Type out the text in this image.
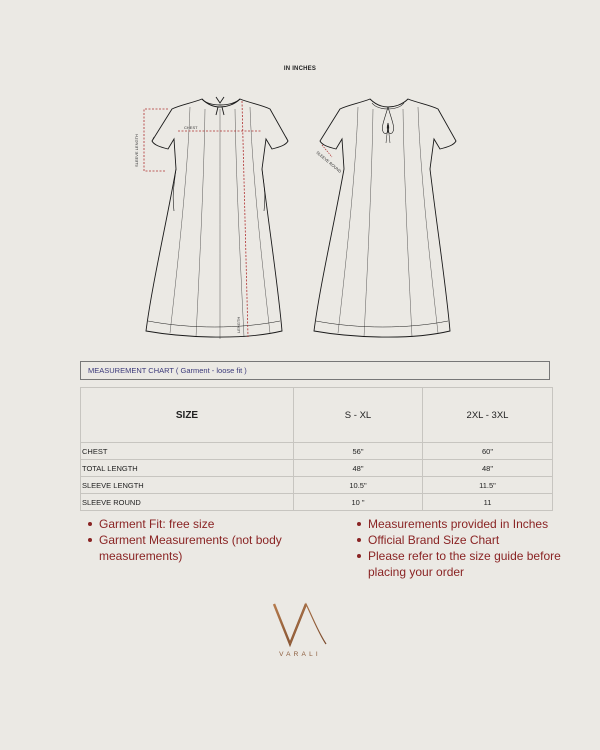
IN INCHES
CHEST
SLEEVE LENGTH
LENGTH
SLEEVE ROUND
MEASUREMENT CHART ( Garment - loose fit )
SIZE	S - XL	2XL - 3XL
CHEST	56"	60"
TOTAL LENGTH	48"	48"
SLEEVE LENGTH	10.5"	11.5"
SLEEVE ROUND	10 "	11
Garment Fit: free size
Garment Measurements (not body measurements)
Measurements provided in Inches
Official Brand Size Chart
Please refer to the size guide before placing your order
VARALI
